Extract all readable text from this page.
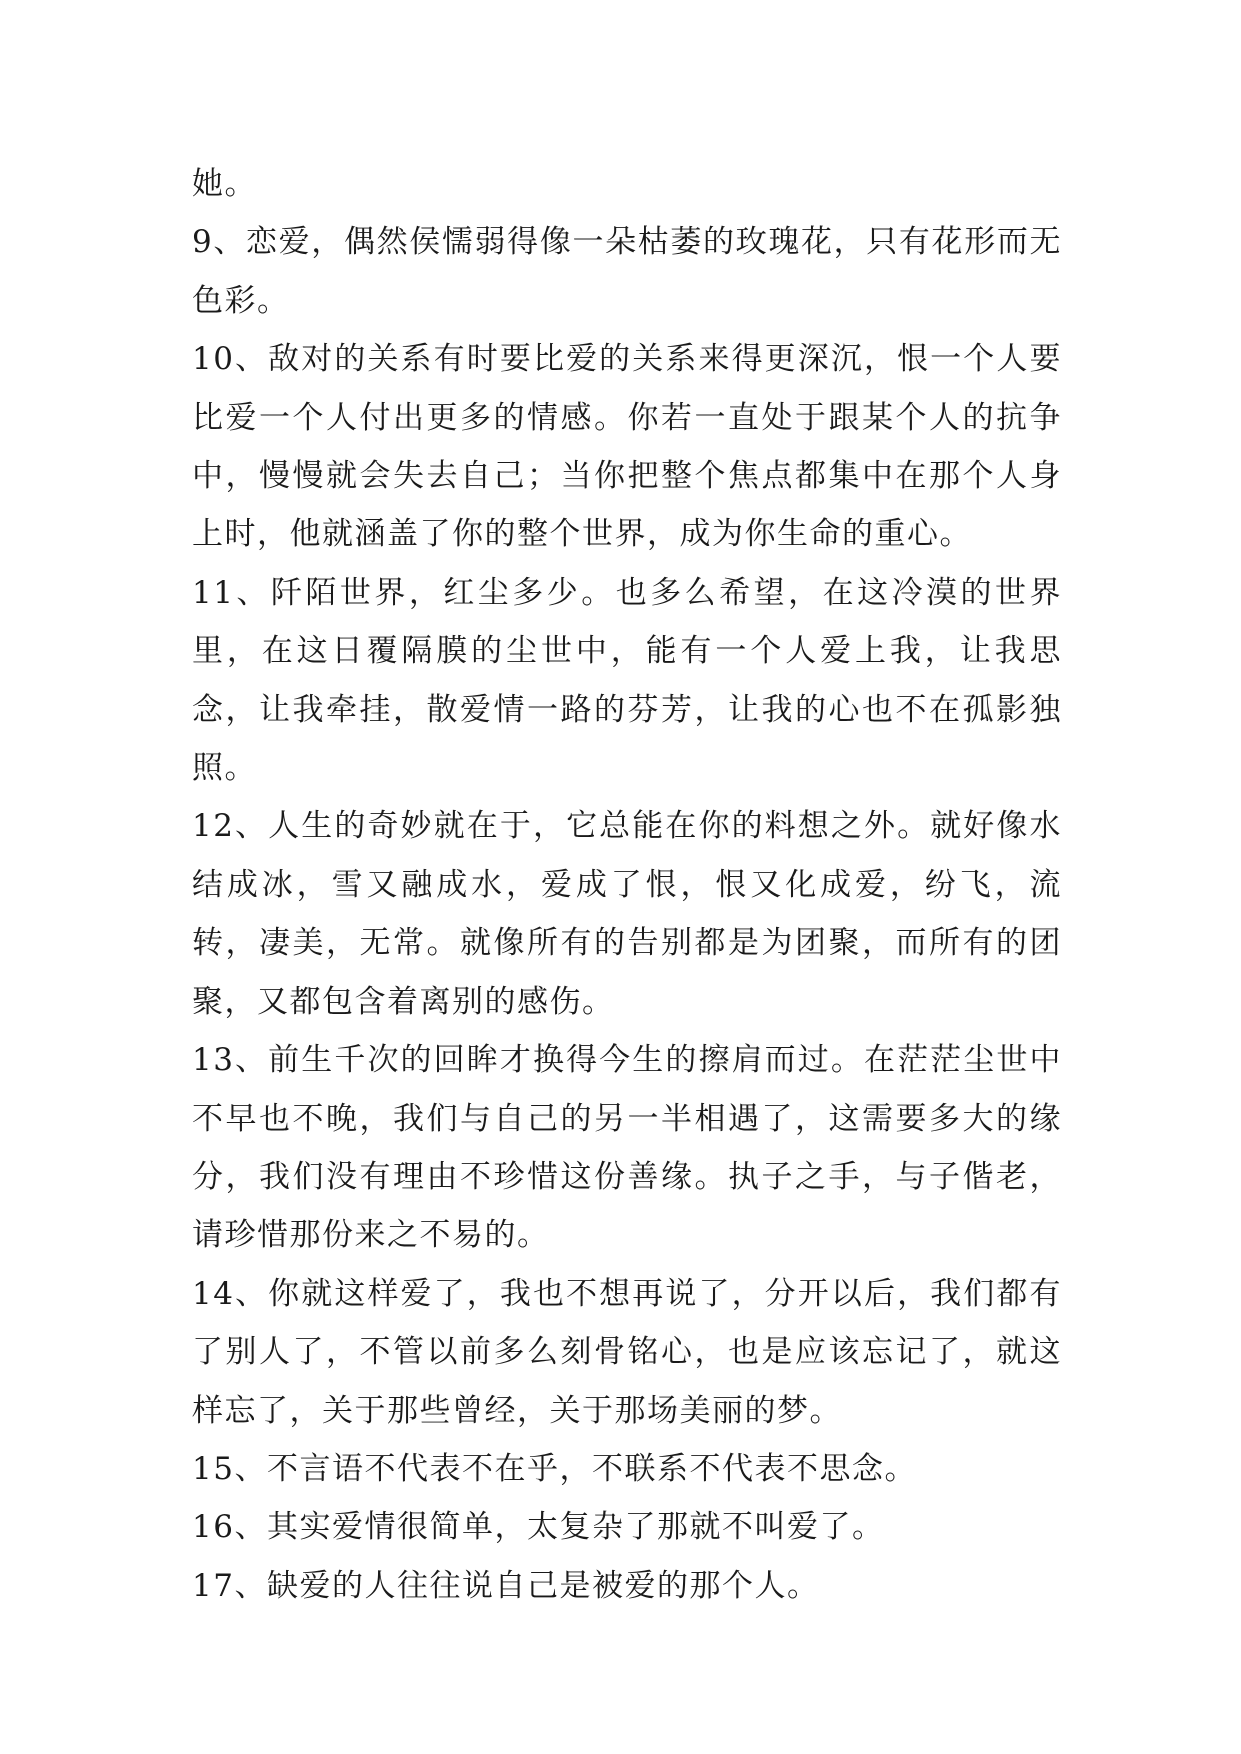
她。

9、恋爱，偶然侯懦弱得像一朵枯萎的玫瑰花，只有花形而无色彩。

10、敌对的关系有时要比爱的关系来得更深沉，恨一个人要比爱一个人付出更多的情感。你若一直处于跟某个人的抗争中，慢慢就会失去自己；当你把整个焦点都集中在那个人身上时，他就涵盖了你的整个世界，成为你生命的重心。

11、阡陌世界，红尘多少。也多么希望，在这冷漠的世界里，在这日覆隔膜的尘世中，能有一个人爱上我，让我思念，让我牵挂，散爱情一路的芬芳，让我的心也不在孤影独照。

12、人生的奇妙就在于，它总能在你的料想之外。就好像水结成冰，雪又融成水，爱成了恨，恨又化成爱，纷飞，流转，凄美，无常。就像所有的告别都是为团聚，而所有的团聚，又都包含着离别的感伤。

13、前生千次的回眸才换得今生的擦肩而过。在茫茫尘世中不早也不晚，我们与自己的另一半相遇了，这需要多大的缘分，我们没有理由不珍惜这份善缘。执子之手，与子偕老，请珍惜那份来之不易的。

14、你就这样爱了，我也不想再说了，分开以后，我们都有了别人了，不管以前多么刻骨铭心，也是应该忘记了，就这样忘了，关于那些曾经，关于那场美丽的梦。

15、不言语不代表不在乎，不联系不代表不思念。

16、其实爱情很简单，太复杂了那就不叫爱了。

17、缺爱的人往往说自己是被爱的那个人。
